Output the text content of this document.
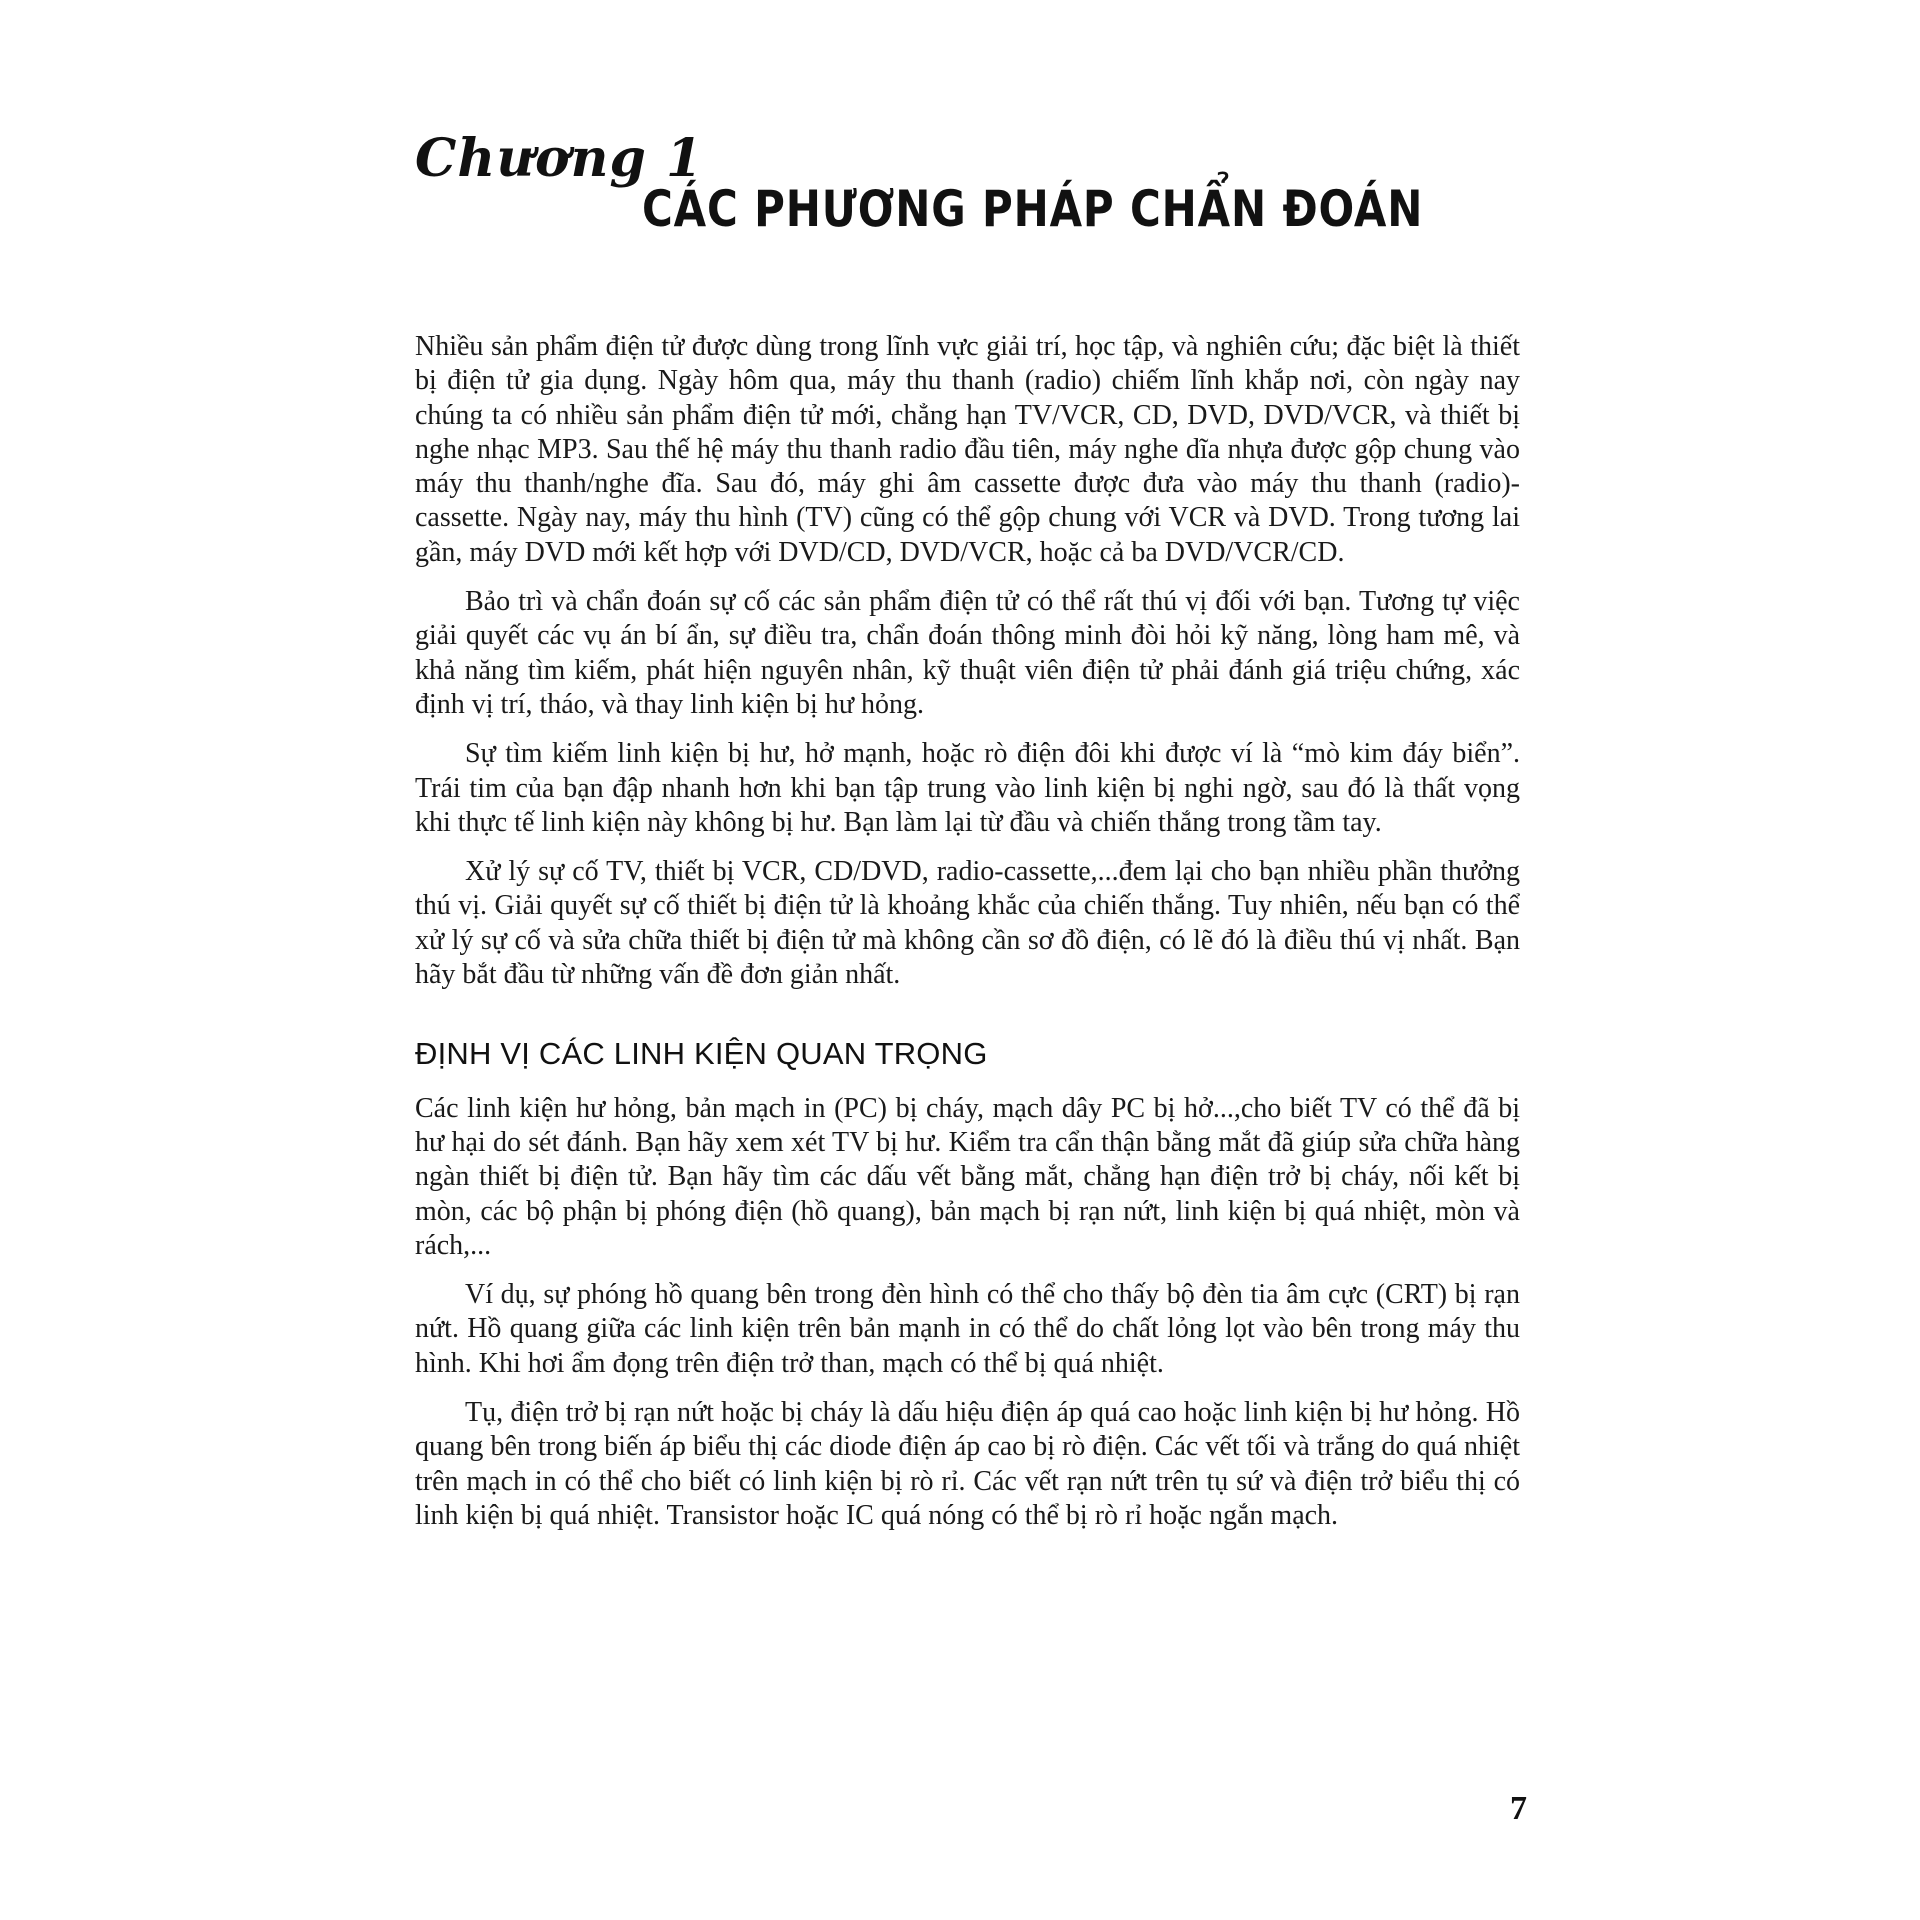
Chương 1
CÁC PHƯƠNG PHÁP CHẨN ĐOÁN

Nhiều sản phẩm điện tử được dùng trong lĩnh vực giải trí, học tập, và nghiên cứu; đặc biệt là thiết bị điện tử gia dụng. Ngày hôm qua, máy thu thanh (radio) chiếm lĩnh khắp nơi, còn ngày nay chúng ta có nhiều sản phẩm điện tử mới, chẳng hạn TV/VCR, CD, DVD, DVD/VCR, và thiết bị nghe nhạc MP3. Sau thế hệ máy thu thanh radio đầu tiên, máy nghe dĩa nhựa được gộp chung vào máy thu thanh/nghe đĩa. Sau đó, máy ghi âm cassette được đưa vào máy thu thanh (radio)-cassette. Ngày nay, máy thu hình (TV) cũng có thể gộp chung với VCR và DVD. Trong tương lai gần, máy DVD mới kết hợp với DVD/CD, DVD/VCR, hoặc cả ba DVD/VCR/CD.

Bảo trì và chẩn đoán sự cố các sản phẩm điện tử có thể rất thú vị đối với bạn. Tương tự việc giải quyết các vụ án bí ẩn, sự điều tra, chẩn đoán thông minh đòi hỏi kỹ năng, lòng ham mê, và khả năng tìm kiếm, phát hiện nguyên nhân, kỹ thuật viên điện tử phải đánh giá triệu chứng, xác định vị trí, tháo, và thay linh kiện bị hư hỏng.

Sự tìm kiếm linh kiện bị hư, hở mạnh, hoặc rò điện đôi khi được ví là “mò kim đáy biển”. Trái tim của bạn đập nhanh hơn khi bạn tập trung vào linh kiện bị nghi ngờ, sau đó là thất vọng khi thực tế linh kiện này không bị hư. Bạn làm lại từ đầu và chiến thắng trong tầm tay.

Xử lý sự cố TV, thiết bị VCR, CD/DVD, radio-cassette,...đem lại cho bạn nhiều phần thưởng thú vị. Giải quyết sự cố thiết bị điện tử là khoảng khắc của chiến thắng. Tuy nhiên, nếu bạn có thể xử lý sự cố và sửa chữa thiết bị điện tử mà không cần sơ đồ điện, có lẽ đó là điều thú vị nhất. Bạn hãy bắt đầu từ những vấn đề đơn giản nhất.

ĐỊNH VỊ CÁC LINH KIỆN QUAN TRỌNG

Các linh kiện hư hỏng, bản mạch in (PC) bị cháy, mạch dây PC bị hở...,cho biết TV có thể đã bị hư hại do sét đánh. Bạn hãy xem xét TV bị hư. Kiểm tra cẩn thận bằng mắt đã giúp sửa chữa hàng ngàn thiết bị điện tử. Bạn hãy tìm các dấu vết bằng mắt, chẳng hạn điện trở bị cháy, nối kết bị mòn, các bộ phận bị phóng điện (hồ quang), bản mạch bị rạn nứt, linh kiện bị quá nhiệt, mòn và rách,...

Ví dụ, sự phóng hồ quang bên trong đèn hình có thể cho thấy bộ đèn tia âm cực (CRT) bị rạn nứt. Hồ quang giữa các linh kiện trên bản mạnh in có thể do chất lỏng lọt vào bên trong máy thu hình. Khi hơi ẩm đọng trên điện trở than, mạch có thể bị quá nhiệt.

Tụ, điện trở bị rạn nứt hoặc bị cháy là dấu hiệu điện áp quá cao hoặc linh kiện bị hư hỏng. Hồ quang bên trong biến áp biểu thị các diode điện áp cao bị rò điện. Các vết tối và trắng do quá nhiệt trên mạch in có thể cho biết có linh kiện bị rò rỉ. Các vết rạn nứt trên tụ sứ và điện trở biểu thị có linh kiện bị quá nhiệt. Transistor hoặc IC quá nóng có thể bị rò rỉ hoặc ngắn mạch.

7
